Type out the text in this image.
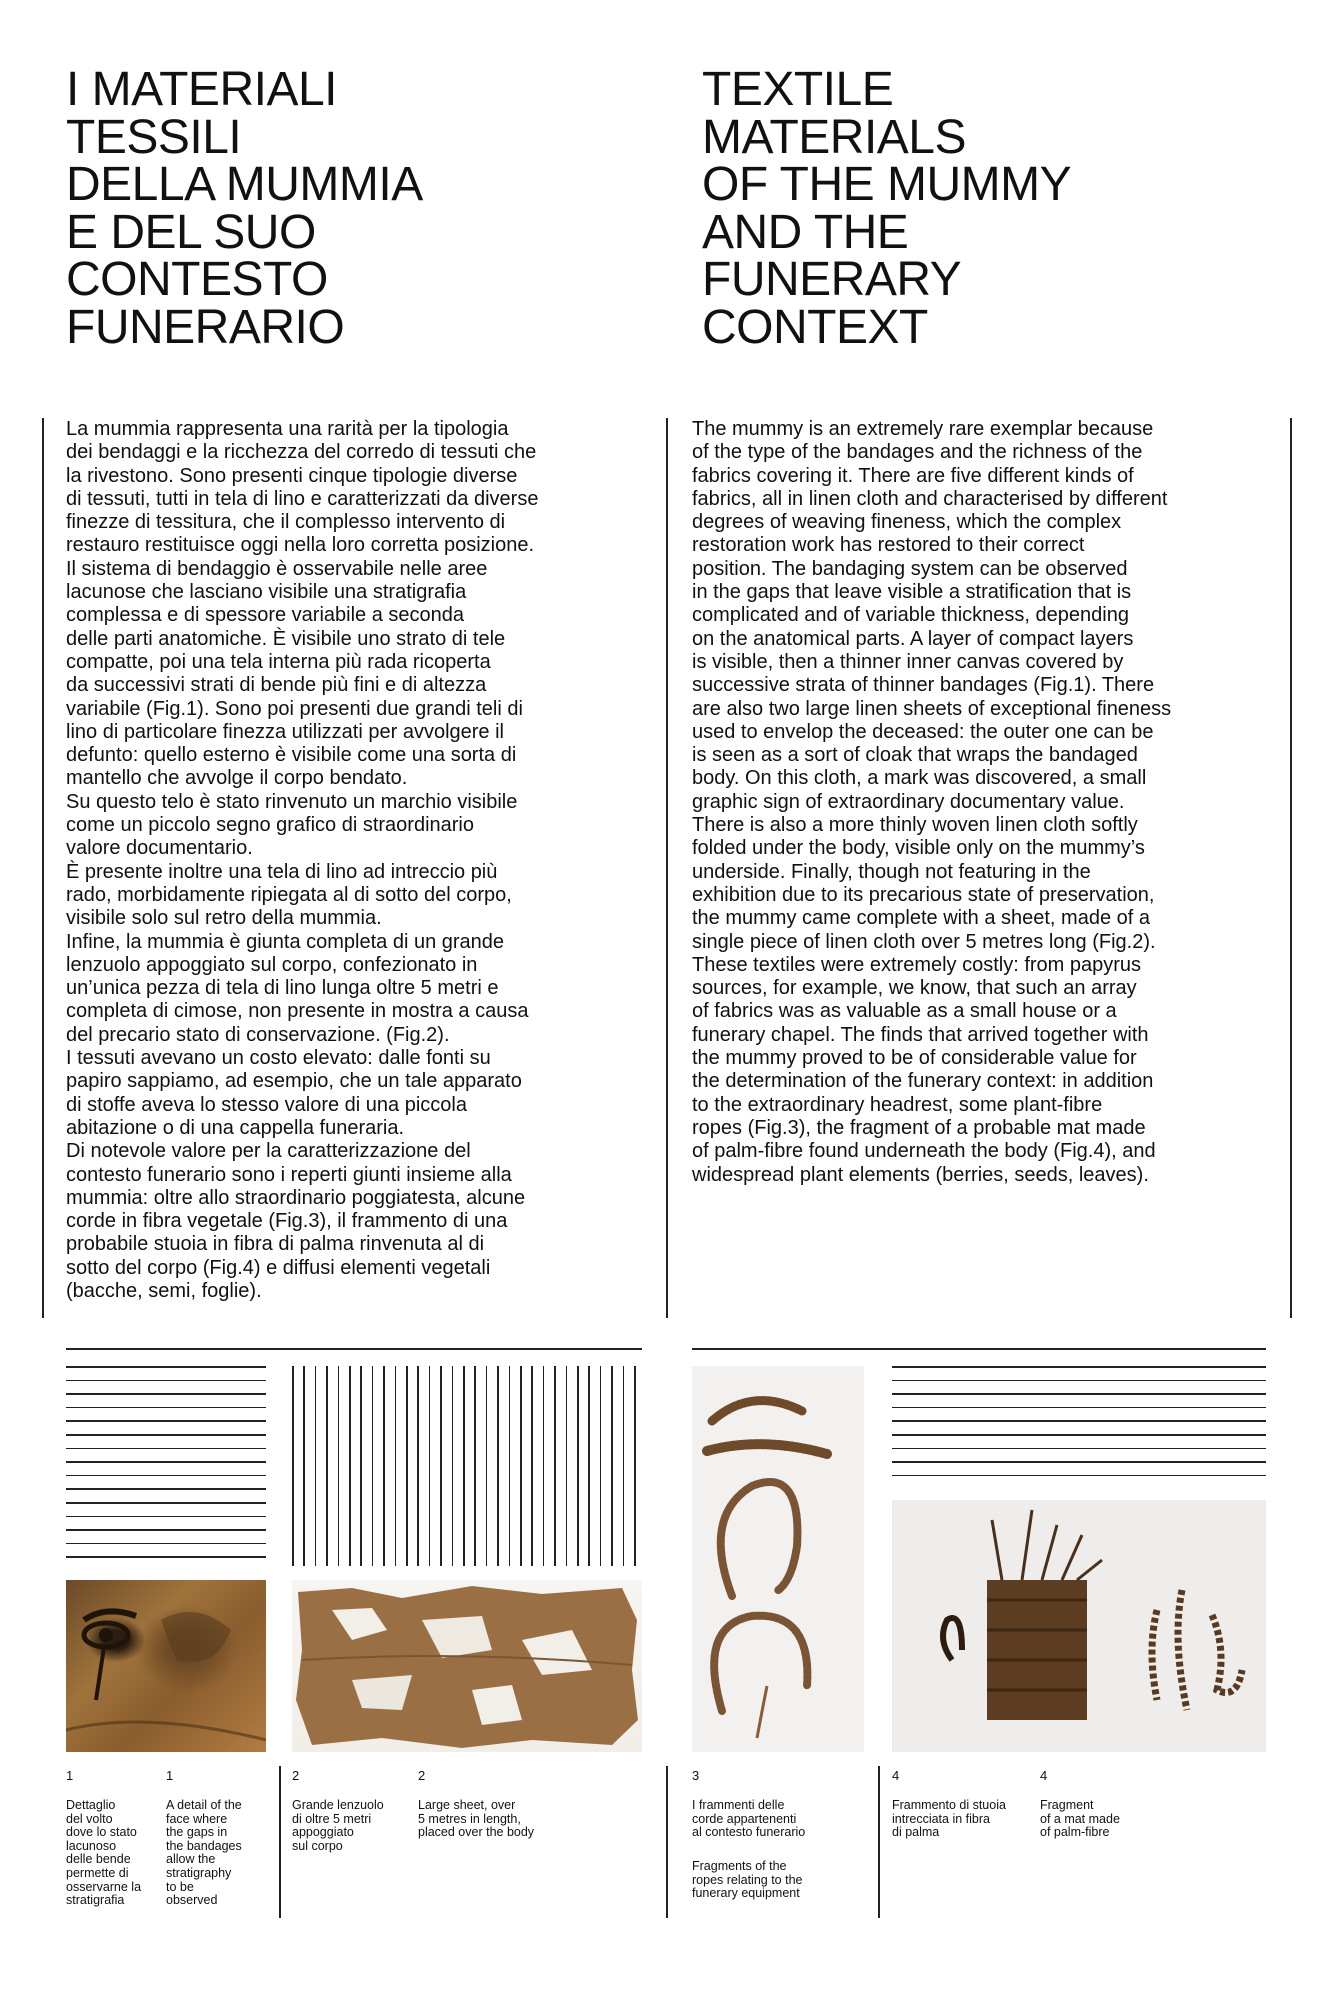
I MATERIALI
TESSILI
DELLA MUMMIA
E DEL SUO
CONTESTO
FUNERARIO
TEXTILE
MATERIALS
OF THE MUMMY
AND THE
FUNERARY
CONTEXT

La mummia rappresenta una rarità per la tipologia
dei bendaggi e la ricchezza del corredo di tessuti che
la rivestono. Sono presenti cinque tipologie diverse
di tessuti, tutti in tela di lino e caratterizzati da diverse
finezze di tessitura, che il complesso intervento di
restauro restituisce oggi nella loro corretta posizione.
Il sistema di bendaggio è osservabile nelle aree
lacunose che lasciano visibile una stratigrafia
complessa e di spessore variabile a seconda
delle parti anatomiche. È visibile uno strato di tele
compatte, poi una tela interna più rada ricoperta
da successivi strati di bende più fini e di altezza
variabile (Fig.1). Sono poi presenti due grandi teli di
lino di particolare finezza utilizzati per avvolgere il
defunto: quello esterno è visibile come una sorta di
mantello che avvolge il corpo bendato.
Su questo telo è stato rinvenuto un marchio visibile
come un piccolo segno grafico di straordinario
valore documentario.
È presente inoltre una tela di lino ad intreccio più
rado, morbidamente ripiegata al di sotto del corpo,
visibile solo sul retro della mummia.
Infine, la mummia è giunta completa di un grande
lenzuolo appoggiato sul corpo, confezionato in
un’unica pezza di tela di lino lunga oltre 5 metri e
completa di cimose, non presente in mostra a causa
del precario stato di conservazione. (Fig.2).
I tessuti avevano un costo elevato: dalle fonti su
papiro sappiamo, ad esempio, che un tale apparato
di stoffe aveva lo stesso valore di una piccola
abitazione o di una cappella funeraria.
Di notevole valore per la caratterizzazione del
contesto funerario sono i reperti giunti insieme alla
mummia: oltre allo straordinario poggiatesta, alcune
corde in fibra vegetale (Fig.3), il frammento di una
probabile stuoia in fibra di palma rinvenuta al di
sotto del corpo (Fig.4) e diffusi elementi vegetali
(bacche, semi, foglie).

The mummy is an extremely rare exemplar because
of the type of the bandages and the richness of the
fabrics covering it. There are five different kinds of
fabrics, all in linen cloth and characterised by different
degrees of weaving fineness, which the complex
restoration work has restored to their correct
position. The bandaging system can be observed
in the gaps that leave visible a stratification that is
complicated and of variable thickness, depending
on the anatomical parts. A layer of compact layers
is visible, then a thinner inner canvas covered by
successive strata of thinner bandages (Fig.1). There
are also two large linen sheets of exceptional fineness
used to envelop the deceased: the outer one can be
is seen as a sort of cloak that wraps the bandaged
body. On this cloth, a mark was discovered, a small
graphic sign of extraordinary documentary value.
There is also a more thinly woven linen cloth softly
folded under the body, visible only on the mummy’s
underside. Finally, though not featuring in the
exhibition due to its precarious state of preservation,
the mummy came complete with a sheet, made of a
single piece of linen cloth over 5 metres long (Fig.2).
These textiles were extremely costly: from papyrus
sources, for example, we know, that such an array
of fabrics was as valuable as a small house or a
funerary chapel. The finds that arrived together with
the mummy proved to be of considerable value for
the determination of the funerary context: in addition
to the extraordinary headrest, some plant-fibre
ropes (Fig.3), the fragment of a probable mat made
of palm-fibre found underneath the body (Fig.4), and
widespread plant elements (berries, seeds, leaves).

1	1

Dettaglio
del volto
dove lo stato
lacunoso
delle bende
permette di
osservarne la
stratigrafia

A detail of the
face where
the gaps in
the bandages
allow the
stratigraphy
to be
observed

2	2

Grande lenzuolo
di oltre 5 metri
appoggiato
sul corpo

Large sheet, over
5 metres in length,
placed over the body

3

I frammenti delle
corde appartenenti
al contesto funerario

Fragments of the
ropes relating to the
funerary equipment

4	4

Frammento di stuoia
intrecciata in fibra
di palma

Fragment
of a mat made
of palm-fibre
